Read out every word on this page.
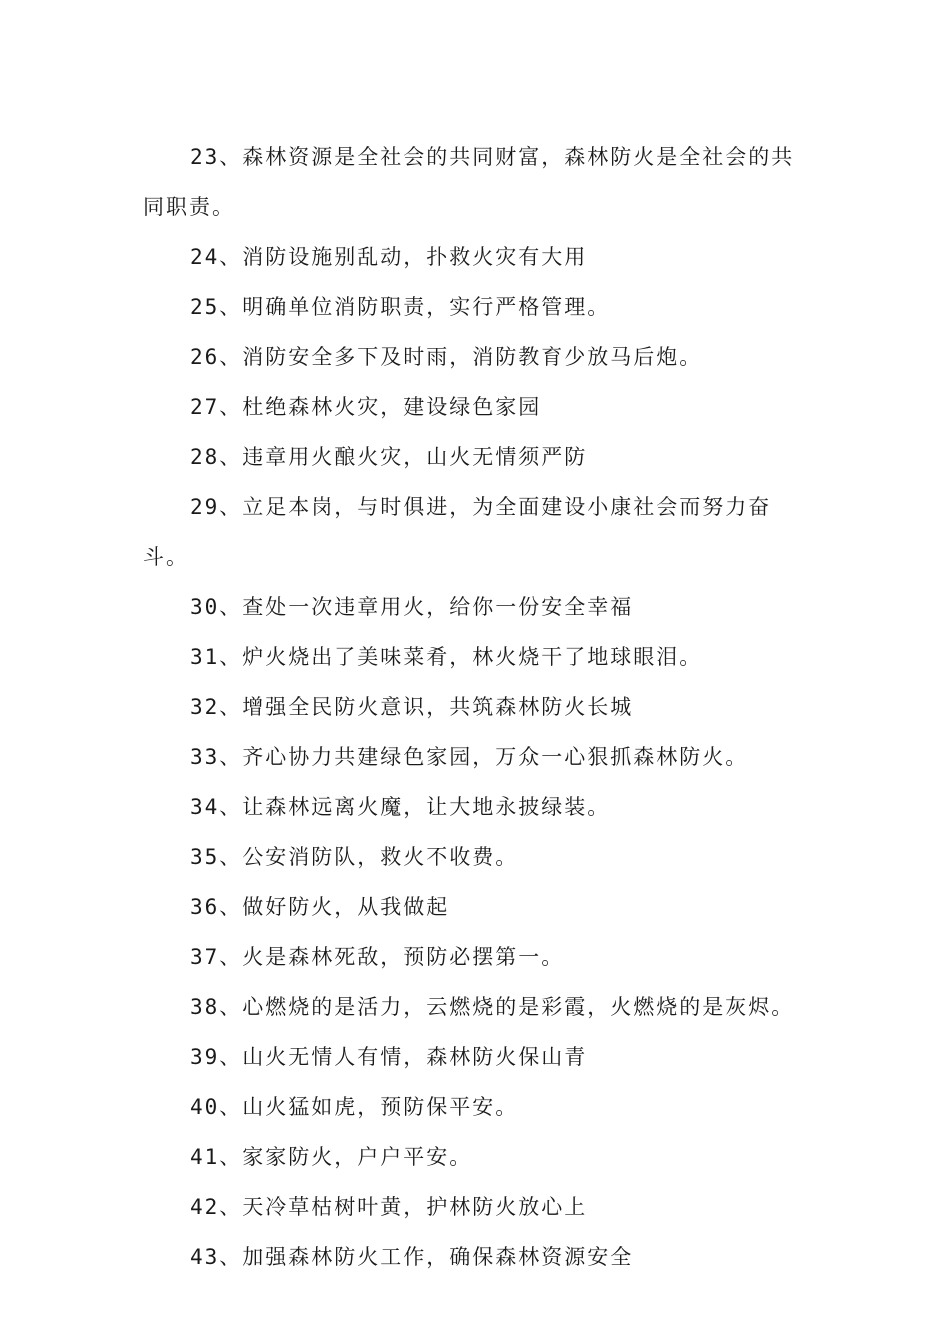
23、森林资源是全社会的共同财富，森林防火是全社会的共同职责。

24、消防设施别乱动，扑救火灾有大用

25、明确单位消防职责，实行严格管理。

26、消防安全多下及时雨，消防教育少放马后炮。

27、杜绝森林火灾，建设绿色家园

28、违章用火酿火灾，山火无情须严防

29、立足本岗，与时俱进，为全面建设小康社会而努力奋斗。

30、查处一次违章用火，给你一份安全幸福

31、炉火烧出了美味菜肴，林火烧干了地球眼泪。

32、增强全民防火意识，共筑森林防火长城

33、齐心协力共建绿色家园，万众一心狠抓森林防火。

34、让森林远离火魔，让大地永披绿装。

35、公安消防队，救火不收费。

36、做好防火，从我做起

37、火是森林死敌，预防必摆第一。

38、心燃烧的是活力，云燃烧的是彩霞，火燃烧的是灰烬。

39、山火无情人有情，森林防火保山青

40、山火猛如虎，预防保平安。

41、家家防火，户户平安。

42、天冷草枯树叶黄，护林防火放心上

43、加强森林防火工作，确保森林资源安全
